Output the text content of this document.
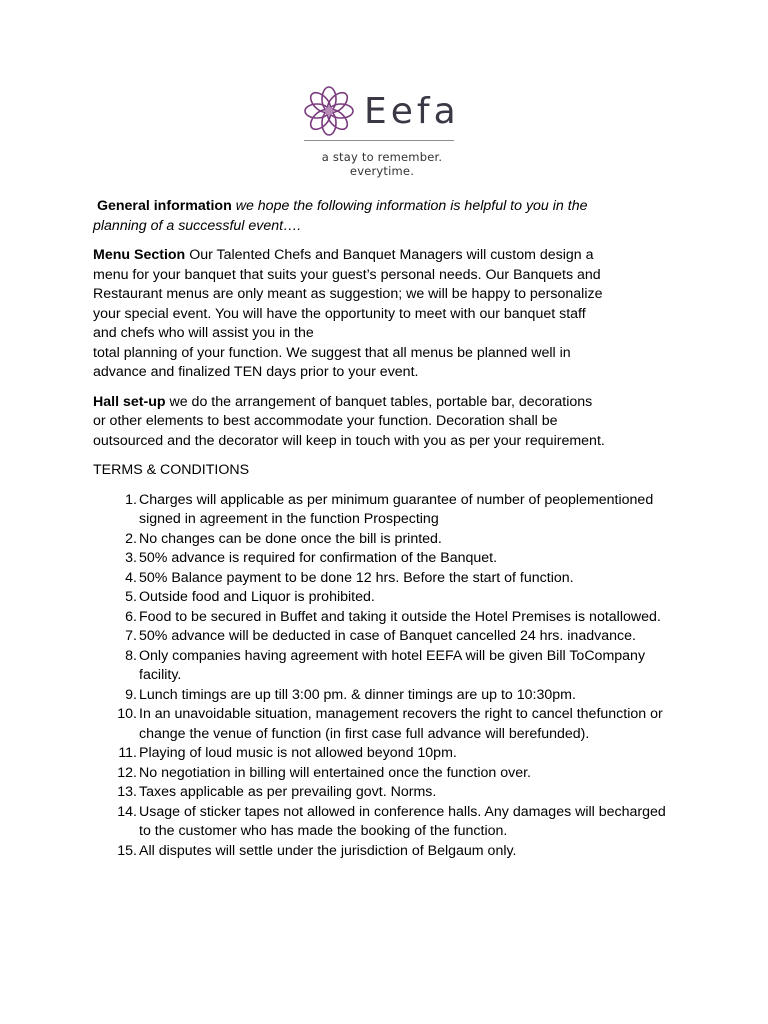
Eefa
a stay to remember. everytime.

General information we hope the following information is helpful to you in the
planning of a successful event….

Menu Section Our Talented Chefs and Banquet Managers will custom design a
menu for your banquet that suits your guest’s personal needs. Our Banquets and
Restaurant menus are only meant as suggestion; we will be happy to personalize
your special event. You will have the opportunity to meet with our banquet staff
and chefs who will assist you in the
total planning of your function. We suggest that all menus be planned well in
advance and finalized TEN days prior to your event.

Hall set-up we do the arrangement of banquet tables, portable bar, decorations
or other elements to best accommodate your function. Decoration shall be
outsourced and the decorator will keep in touch with you as per your requirement.

TERMS & CONDITIONS

1. Charges will applicable as per minimum guarantee of number of peoplementioned signed in agreement in the function Prospecting
2. No changes can be done once the bill is printed.
3. 50% advance is required for confirmation of the Banquet.
4. 50% Balance payment to be done 12 hrs. Before the start of function.
5. Outside food and Liquor is prohibited.
6. Food to be secured in Buffet and taking it outside the Hotel Premises is notallowed.
7. 50% advance will be deducted in case of Banquet cancelled 24 hrs. inadvance.
8. Only companies having agreement with hotel EEFA will be given Bill ToCompany facility.
9. Lunch timings are up till 3:00 pm. & dinner timings are up to 10:30pm.
10. In an unavoidable situation, management recovers the right to cancel thefunction or change the venue of function (in first case full advance will berefunded).
11. Playing of loud music is not allowed beyond 10pm.
12. No negotiation in billing will entertained once the function over.
13. Taxes applicable as per prevailing govt. Norms.
14. Usage of sticker tapes not allowed in conference halls. Any damages will becharged to the customer who has made the booking of the function.
15. All disputes will settle under the jurisdiction of Belgaum only.
